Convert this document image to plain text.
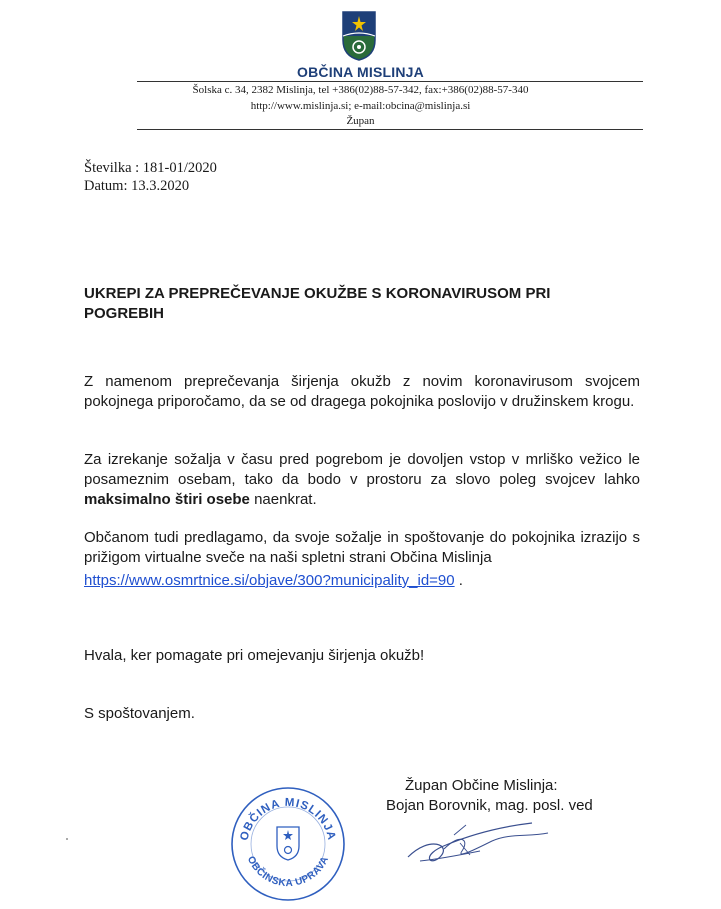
OBČINA MISLINJA
Šolska c. 34, 2382 Mislinja, tel +386(02)88-57-342, fax:+386(02)88-57-340
http://www.mislinja.si; e-mail:obcina@mislinja.si
Župan
Številka : 181-01/2020
Datum: 13.3.2020
UKREPI ZA PREPREČEVANJE OKUŽBE S KORONAVIRUSOM PRI POGREBIH
Z namenom preprečevanja širjenja okužb z novim koronavirusom svojcem pokojnega priporočamo, da se od dragega pokojnika poslovijo v družinskem krogu.
Za izrekanje sožalja v času pred pogrebom je dovoljen vstop v mrliško vežico le posameznim osebam, tako da bodo v prostoru za slovo poleg svojcev lahko maksimalno štiri osebe naenkrat.
Občanom tudi predlagamo, da svoje sožalje in spoštovanje do pokojnika izrazijo s prižigom virtualne sveče na naši spletni strani Občina Mislinja
https://www.osmrtnice.si/objave/300?municipality_id=90 .
Hvala, ker pomagate pri omejevanju širjenja okužb!
S spoštovanjem.
Župan Občine Mislinja:
Bojan Borovnik, mag. posl. ved
OBČINA MISLINJA
OBČINSKA UPRAVA
